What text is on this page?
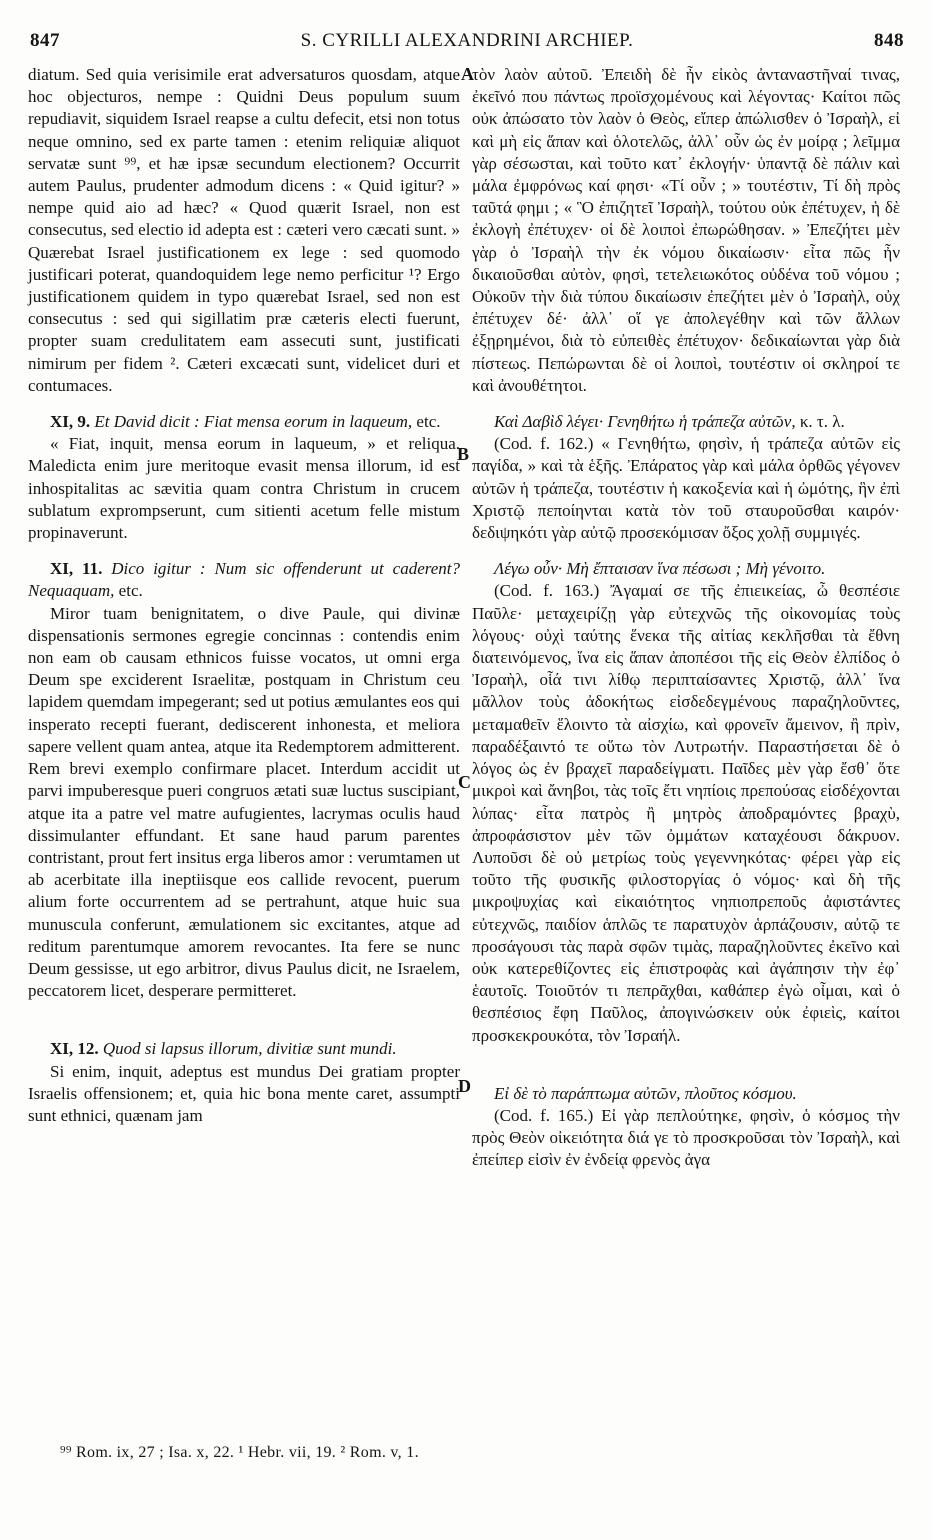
847	S. CYRILLI ALEXANDRINI ARCHIEP.	848

diatum. Sed quia verisimile erat adversaturos quosdam, atque hoc objecturos, nempe : Quidni Deus populum suum repudiavit, siquidem Israel reapse a cultu defecit, etsi non totus neque omnino, sed ex parte tamen : etenim reliquiæ aliquot servatæ sunt ⁹⁹, et hæ ipsæ secundum electionem? Occurrit autem Paulus, prudenter admodum dicens : « Quid igitur? » nempe quid aio ad hæc? « Quod quærit Israel, non est consecutus, sed electio id adepta est : cæteri vero cæcati sunt. » Quærebat Israel justificationem ex lege : sed quomodo justificari poterat, quandoquidem lege nemo perficitur ¹? Ergo justificationem quidem in typo quærebat Israel, sed non est consecutus : sed qui sigillatim præ cæteris electi fuerunt, propter suam credulitatem eam assecuti sunt, justificati nimirum per fidem ². Cæteri excæcati sunt, videlicet duri et contumaces.

XI, 9. Et David dicit : Fiat mensa eorum in laqueum, etc.

« Fiat, inquit, mensa eorum in laqueum, » et reliqua. Maledicta enim jure meritoque evasit mensa illorum, id est inhospitalitas ac sævitia quam contra Christum in crucem sublatum exprompserunt, cum sitienti acetum felle mistum propinaverunt.

XI, 11. Dico igitur : Num sic offenderunt ut caderent? Nequaquam, etc.

Miror tuam benignitatem, o dive Paule, qui divinæ dispensationis sermones egregie concinnas : contendis enim non eam ob causam ethnicos fuisse vocatos, ut omni erga Deum spe exciderent Israelitæ, postquam in Christum ceu lapidem quemdam impegerant; sed ut potius æmulantes eos qui insperato recepti fuerant, dediscerent inhonesta, et meliora sapere vellent quam antea, atque ita Redemptorem admitterent. Rem brevi exemplo confirmare placet. Interdum accidit ut parvi impuberesque pueri congruos ætati suæ luctus suscipiant, atque ita a patre vel matre aufugientes, lacrymas oculis haud dissimulanter effundant. Et sane haud parum parentes contristant, prout fert insitus erga liberos amor : verumtamen ut ab acerbitate illa ineptiisque eos callide revocent, puerum alium forte occurrentem ad se pertrahunt, atque huic sua munuscula conferunt, æmulationem sic excitantes, atque ad reditum parentumque amorem revocantes. Ita fere se nunc Deum gessisse, ut ego arbitror, divus Paulus dicit, ne Israelem, peccatorem licet, desperare permitteret.

XI, 12. Quod si lapsus illorum, divitiæ sunt mundi.

Si enim, inquit, adeptus est mundus Dei gratiam propter Israelis offensionem; et, quia hic bona mente caret, assumpti sunt ethnici, quænam jam

τὸν λαὸν αὐτοῦ. Ἐπειδὴ δὲ ἦν εἰκὸς ἀνταναστῆναί τινας, ἐκεῖνό που πάντως προϊσχομένους καὶ λέγοντας· Καίτοι πῶς οὐκ ἀπώσατο τὸν λαὸν ὁ Θεὸς, εἴπερ ἀπώλισθεν ὁ Ἰσραὴλ, εἰ καὶ μὴ εἰς ἅπαν καὶ ὁλοτελῶς, ἀλλ᾽ οὖν ὡς ἐν μοίρᾳ ; λεῖμμα γὰρ σέσωσται, καὶ τοῦτο κατ᾽ ἐκλογήν· ὑπαντᾷ δὲ πάλιν καὶ μάλα ἐμφρόνως καί φησι· «Τί οὖν ; » τουτέστιν, Τί δὴ πρὸς ταῦτά φημι ; « Ὃ ἐπιζητεῖ Ἰσραὴλ, τούτου οὐκ ἐπέτυχεν, ἡ δὲ ἐκλογὴ ἐπέτυχεν· οἱ δὲ λοιποὶ ἐπωρώθησαν. » Ἐπεζήτει μὲν γὰρ ὁ Ἰσραὴλ τὴν ἐκ νόμου δικαίωσιν· εἶτα πῶς ἦν δικαιοῦσθαι αὐτὸν, φησὶ, τετελειωκότος οὐδένα τοῦ νόμου ; Οὐκοῦν τὴν διὰ τύπου δικαίωσιν ἐπεζήτει μὲν ὁ Ἰσραὴλ, οὐχ ἐπέτυχεν δέ· ἀλλ᾽ οἵ γε ἀπολεγέθην καὶ τῶν ἄλλων ἐξῃρημένοι, διὰ τὸ εὐπειθὲς ἐπέτυχον· δεδικαίωνται γὰρ διὰ πίστεως. Πεπώρωνται δὲ οἱ λοιποὶ, τουτέστιν οἱ σκληροί τε καὶ ἀνουθέτητοι.

Καὶ Δαβὶδ λέγει· Γενηθήτω ἡ τράπεζα αὐτῶν, κ. τ. λ.

(Cod. f. 162.) « Γενηθήτω, φησὶν, ἡ τράπεζα αὐτῶν εἰς παγίδα, » καὶ τὰ ἑξῆς. Ἐπάρατος γὰρ καὶ μάλα ὀρθῶς γέγονεν αὐτῶν ἡ τράπεζα, τουτέστιν ἡ κακοξενία καὶ ἡ ὠμότης, ἣν ἐπὶ Χριστῷ πεποίηνται κατὰ τὸν τοῦ σταυροῦσθαι καιρόν· δεδιψηκότι γὰρ αὐτῷ προσεκόμισαν ὄξος χολῇ συμμιγές.

Λέγω οὖν· Μὴ ἔπταισαν ἵνα πέσωσι ; Μὴ γένοιτο.

(Cod. f. 163.) Ἄγαμαί σε τῆς ἐπιεικείας, ὦ θεσπέσιε Παῦλε· μεταχειρίζῃ γὰρ εὐτεχνῶς τῆς οἰκονομίας τοὺς λόγους· οὐχὶ ταύτης ἕνεκα τῆς αἰτίας κεκλῆσθαι τὰ ἔθνη διατεινόμενος, ἵνα εἰς ἅπαν ἀποπέσοι τῆς εἰς Θεὸν ἐλπίδος ὁ Ἰσραὴλ, οἷά τινι λίθῳ περιπταίσαντες Χριστῷ, ἀλλ᾽ ἵνα μᾶλλον τοὺς ἀδοκήτως εἰσδεδεγμένους παραζηλοῦντες, μεταμαθεῖν ἕλοιντο τὰ αἰσχίω, καὶ φρονεῖν ἄμεινον, ἢ πρὶν, παραδέξαιντό τε οὕτω τὸν Λυτρωτήν. Παραστήσεται δὲ ὁ λόγος ὡς ἐν βραχεῖ παραδείγματι. Παῖδες μὲν γὰρ ἔσθ᾽ ὅτε μικροὶ καὶ ἄνηβοι, τὰς τοῖς ἔτι νηπίοις πρεπούσας εἰσδέχονται λύπας· εἶτα πατρὸς ἢ μητρὸς ἀποδραμόντες βραχὺ, ἀπροφάσιστον μὲν τῶν ὀμμάτων καταχέουσι δάκρυον. Λυποῦσι δὲ οὐ μετρίως τοὺς γεγεννηκότας· φέρει γὰρ εἰς τοῦτο τῆς φυσικῆς φιλοστοργίας ὁ νόμος· καὶ δὴ τῆς μικροψυχίας καὶ εἰκαιότητος νηπιοπρεποῦς ἀφιστάντες εὐτεχνῶς, παιδίον ἁπλῶς τε παρατυχὸν ἁρπάζουσιν, αὐτῷ τε προσάγουσι τὰς παρὰ σφῶν τιμὰς, παραζηλοῦντες ἐκεῖνο καὶ οὐκ κατερεθίζοντες εἰς ἐπιστροφὰς καὶ ἀγάπησιν τὴν ἐφ᾽ ἑαυτοῖς. Τοιοῦτόν τι πεπρᾶχθαι, καθάπερ ἐγὼ οἶμαι, καὶ ὁ θεσπέσιος ἔφη Παῦλος, ἀπογινώσκειν οὐκ ἐφιεὶς, καίτοι προσκεκρουκότα, τὸν Ἰσραήλ.

Εἰ δὲ τὸ παράπτωμα αὐτῶν, πλοῦτος κόσμου.

(Cod. f. 165.) Εἰ γὰρ πεπλούτηκε, φησὶν, ὁ κόσμος τὴν πρὸς Θεὸν οἰκειότητα διά γε τὸ προσκροῦσαι τὸν Ἰσραὴλ, καὶ ἐπείπερ εἰσὶν ἐν ἐνδείᾳ φρενὸς ἀγα

A
B
C
D
⁹⁹ Rom. ix, 27 ; Isa. x, 22. ¹ Hebr. vii, 19. ² Rom. v, 1.
